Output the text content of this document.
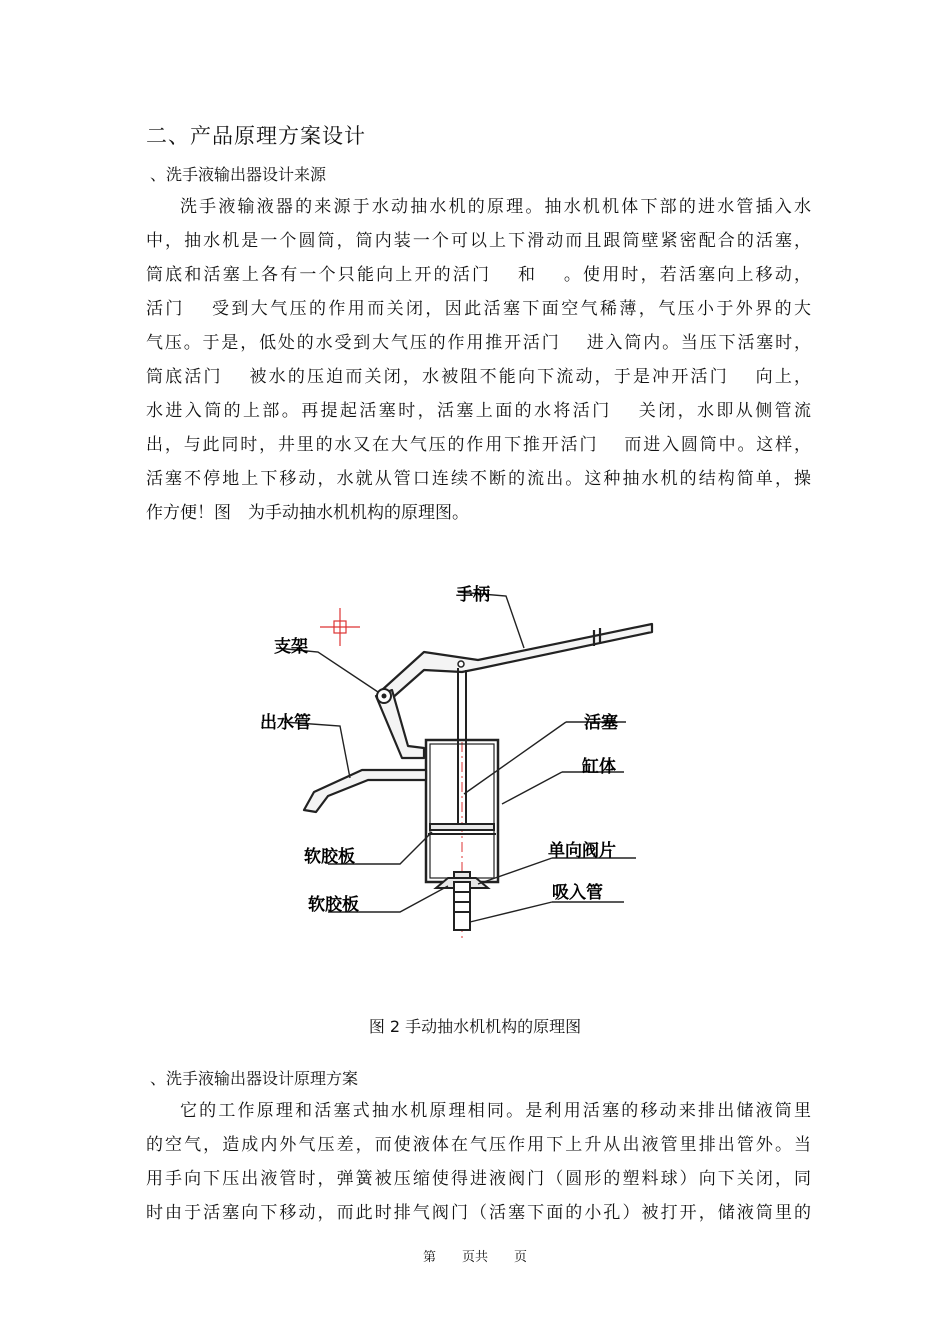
二、产品原理方案设计
、洗手液输出器设计来源
洗手液输液器的来源于水动抽水机的原理。抽水机机体下部的进水管插入水
中，抽水机是一个圆筒，筒内装一个可以上下滑动而且跟筒壁紧密配合的活塞，
筒底和活塞上各有一个只能向上开的活门　 和　 。使用时，若活塞向上移动，
活门　 受到大气压的作用而关闭，因此活塞下面空气稀薄，气压小于外界的大
气压。于是，低处的水受到大气压的作用推开活门　 进入筒内。当压下活塞时，
筒底活门　 被水的压迫而关闭，水被阻不能向下流动，于是冲开活门　 向上，
水进入筒的上部。再提起活塞时，活塞上面的水将活门　 关闭，水即从侧管流
出，与此同时，井里的水又在大气压的作用下推开活门　 而进入圆筒中。这样，
活塞不停地上下移动，水就从管口连续不断的流出。这种抽水机的结构简单，操
作方便！图　为手动抽水机机构的原理图。
手柄
支架
出水管	活塞
缸体
软胶板	单向阀片
软胶板
吸入管
图 2 手动抽水机机构的原理图
、洗手液输出器设计原理方案
它的工作原理和活塞式抽水机原理相同。是利用活塞的移动来排出储液筒里
的空气，造成内外气压差，而使液体在气压作用下上升从出液管里排出管外。当
用手向下压出液管时，弹簧被压缩使得进液阀门（圆形的塑料球）向下关闭，同
时由于活塞向下移动，而此时排气阀门（活塞下面的小孔）被打开，储液筒里的
第　　页共　　页
